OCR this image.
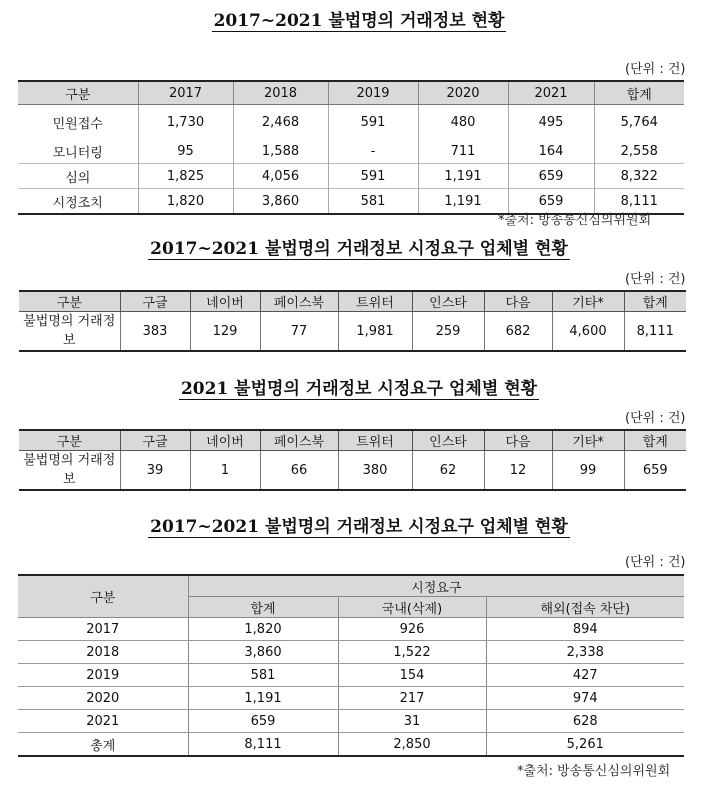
2017~2021 불법명의 거래정보 현황
(단위 : 건)
구분	2017	2018	2019	2020	2021	합계
민원접수	1,730	2,468	591	480	495	5,764
모니터링	95	1,588	-	711	164	2,558
심의	1,825	4,056	591	1,191	659	8,322
시정조치	1,820	3,860	581	1,191	659	8,111
*출처: 방송통신심의위원회
2017~2021 불법명의 거래정보 시정요구 업체별 현황
(단위 : 건)
구분	구글	네이버	페이스북	트위터	인스타	다음	기타*	합계
불법명의 거래정보	383	129	77	1,981	259	682	4,600	8,111
2021 불법명의 거래정보 시정요구 업체별 현황
(단위 : 건)
구분	구글	네이버	페이스북	트위터	인스타	다음	기타*	합계
불법명의 거래정보	39	1	66	380	62	12	99	659
2017~2021 불법명의 거래정보 시정요구 업체별 현황
(단위 : 건)
구분	시정요구		
	합계	국내(삭제)	해외(접속 차단)
2017	1,820	926	894
2018	3,860	1,522	2,338
2019	581	154	427
2020	1,191	217	974
2021	659	31	628
총계	8,111	2,850	5,261
*출처: 방송통신심의위원회
